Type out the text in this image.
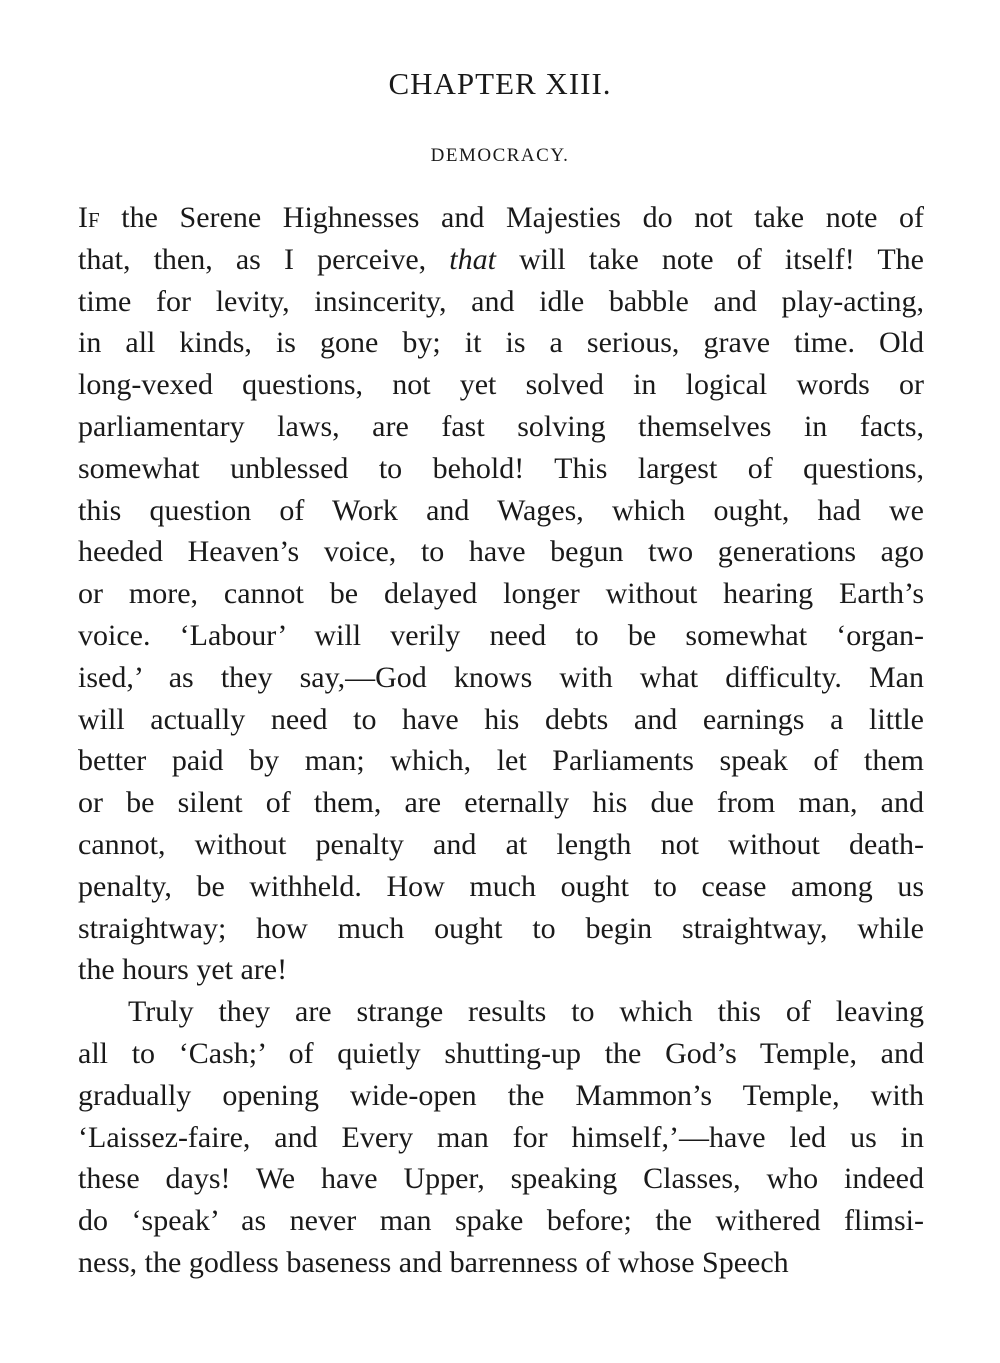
CHAPTER XIII.
DEMOCRACY.
If the Serene Highnesses and Majesties do not take note of
that, then, as I perceive, that will take note of itself! The
time for levity, insincerity, and idle babble and play-acting,
in all kinds, is gone by; it is a serious, grave time. Old
long-vexed questions, not yet solved in logical words or
parliamentary laws, are fast solving themselves in facts,
somewhat unblessed to behold! This largest of questions,
this question of Work and Wages, which ought, had we
heeded Heaven’s voice, to have begun two generations ago
or more, cannot be delayed longer without hearing Earth’s
voice. ‘Labour’ will verily need to be somewhat ‘organ-
ised,’ as they say,—God knows with what difficulty. Man
will actually need to have his debts and earnings a little
better paid by man; which, let Parliaments speak of them
or be silent of them, are eternally his due from man, and
cannot, without penalty and at length not without death-
penalty, be withheld. How much ought to cease among us
straightway; how much ought to begin straightway, while
the hours yet are!
Truly they are strange results to which this of leaving
all to ‘Cash;’ of quietly shutting-up the God’s Temple, and
gradually opening wide-open the Mammon’s Temple, with
‘Laissez-faire, and Every man for himself,’—have led us in
these days! We have Upper, speaking Classes, who indeed
do ‘speak’ as never man spake before; the withered flimsi-
ness, the godless baseness and barrenness of whose Speech
